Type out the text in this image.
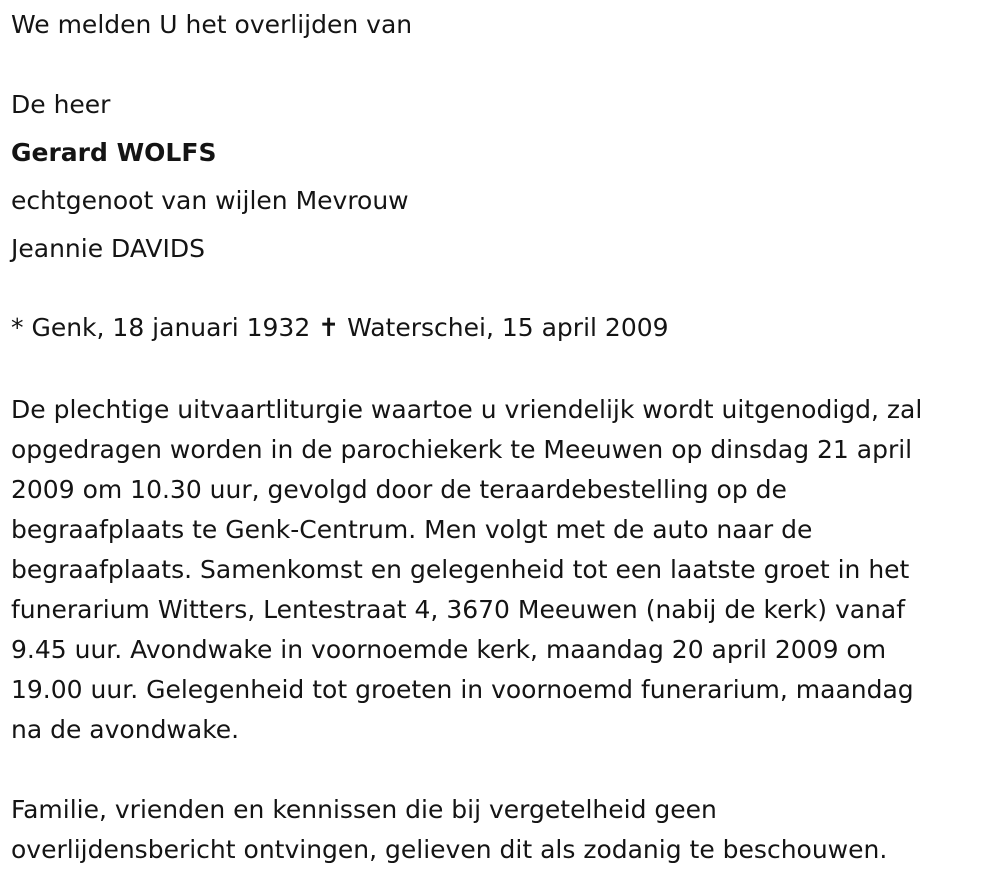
We melden U het overlijden van
De heer
Gerard WOLFS
echtgenoot van wijlen Mevrouw
Jeannie DAVIDS
* Genk, 18 januari 1932 ✝ Waterschei, 15 april 2009
De plechtige uitvaartliturgie waartoe u vriendelijk wordt uitgenodigd, zal
opgedragen worden in de parochiekerk te Meeuwen op dinsdag 21 april
2009 om 10.30 uur, gevolgd door de teraardebestelling op de
begraafplaats te Genk-Centrum. Men volgt met de auto naar de
begraafplaats. Samenkomst en gelegenheid tot een laatste groet in het
funerarium Witters, Lentestraat 4, 3670 Meeuwen (nabij de kerk) vanaf
9.45 uur. Avondwake in voornoemde kerk, maandag 20 april 2009 om
19.00 uur. Gelegenheid tot groeten in voornoemd funerarium, maandag
na de avondwake.
Familie, vrienden en kennissen die bij vergetelheid geen
overlijdensbericht ontvingen, gelieven dit als zodanig te beschouwen.
